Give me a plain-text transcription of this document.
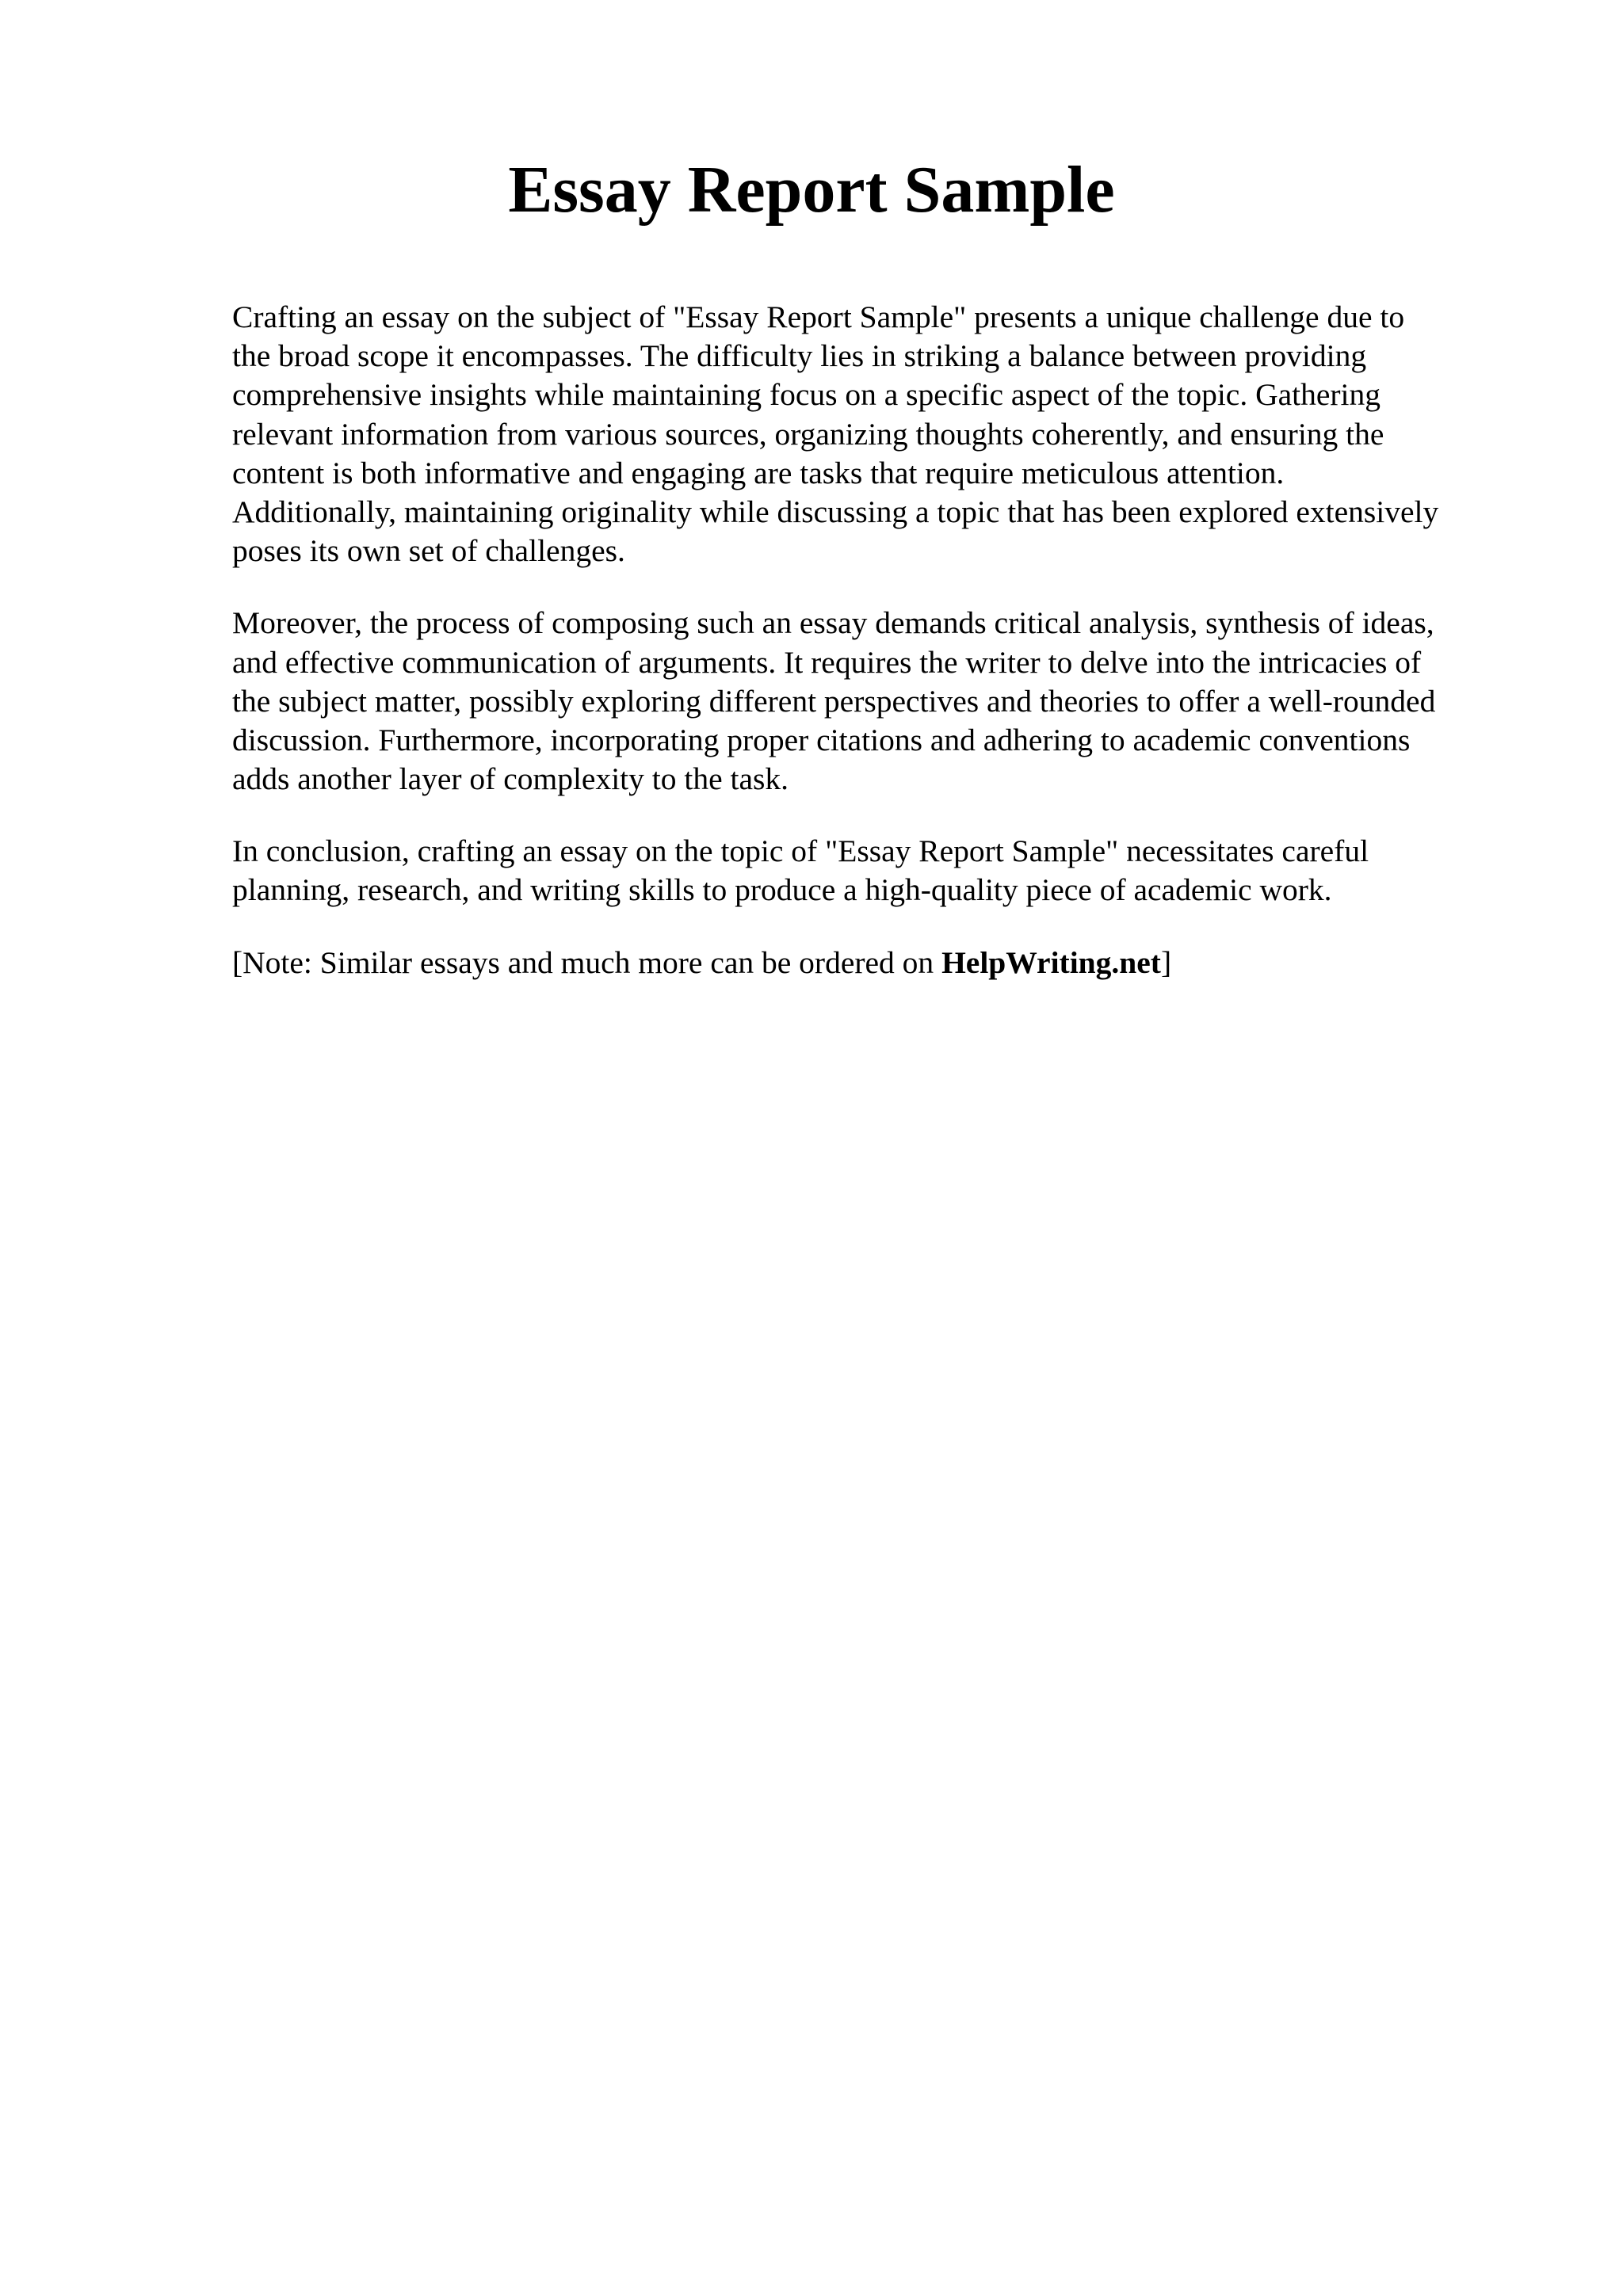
Essay Report Sample
Crafting an essay on the subject of "Essay Report Sample" presents a unique challenge due to
the broad scope it encompasses. The difficulty lies in striking a balance between providing
comprehensive insights while maintaining focus on a specific aspect of the topic. Gathering
relevant information from various sources, organizing thoughts coherently, and ensuring the
content is both informative and engaging are tasks that require meticulous attention.
Additionally, maintaining originality while discussing a topic that has been explored extensively
poses its own set of challenges.
Moreover, the process of composing such an essay demands critical analysis, synthesis of ideas,
and effective communication of arguments. It requires the writer to delve into the intricacies of
the subject matter, possibly exploring different perspectives and theories to offer a well-rounded
discussion. Furthermore, incorporating proper citations and adhering to academic conventions
adds another layer of complexity to the task.
In conclusion, crafting an essay on the topic of "Essay Report Sample" necessitates careful
planning, research, and writing skills to produce a high-quality piece of academic work.
[Note: Similar essays and much more can be ordered on HelpWriting.net]
